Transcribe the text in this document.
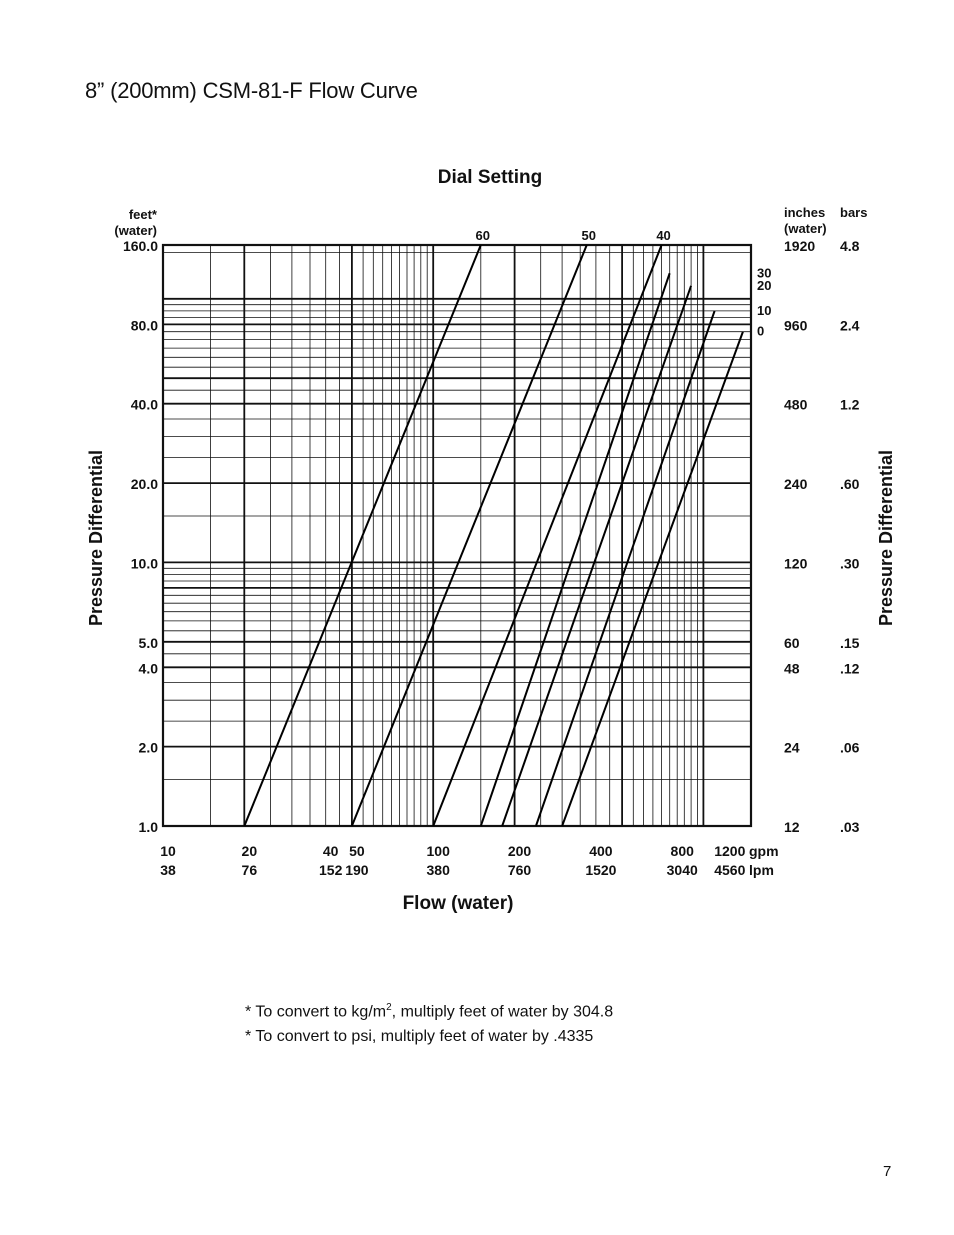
8” (200mm) CSM-81-F Flow Curve
60	50	40
30
20
10
0
Dial Setting
feet*
(water)
160.0
80.0
40.0
20.0
10.0
5.0
4.0
2.0
1.0
inches
(water)
1920
960
480
240
120
60
48
24
12
bars
4.8
2.4
1.2
.60
.30
.15
.12
.06
.03
10
38
20
76
40
152
50
190
100
380
200
760
400
1520
800
3040
1200
4560
gpm
lpm
Flow (water)
Pressure Differential	Pressure Differential
* To convert to $kg/m^2$, multiply feet of water by 304.8
* To convert to psi, multiply feet of water by .4335
7
